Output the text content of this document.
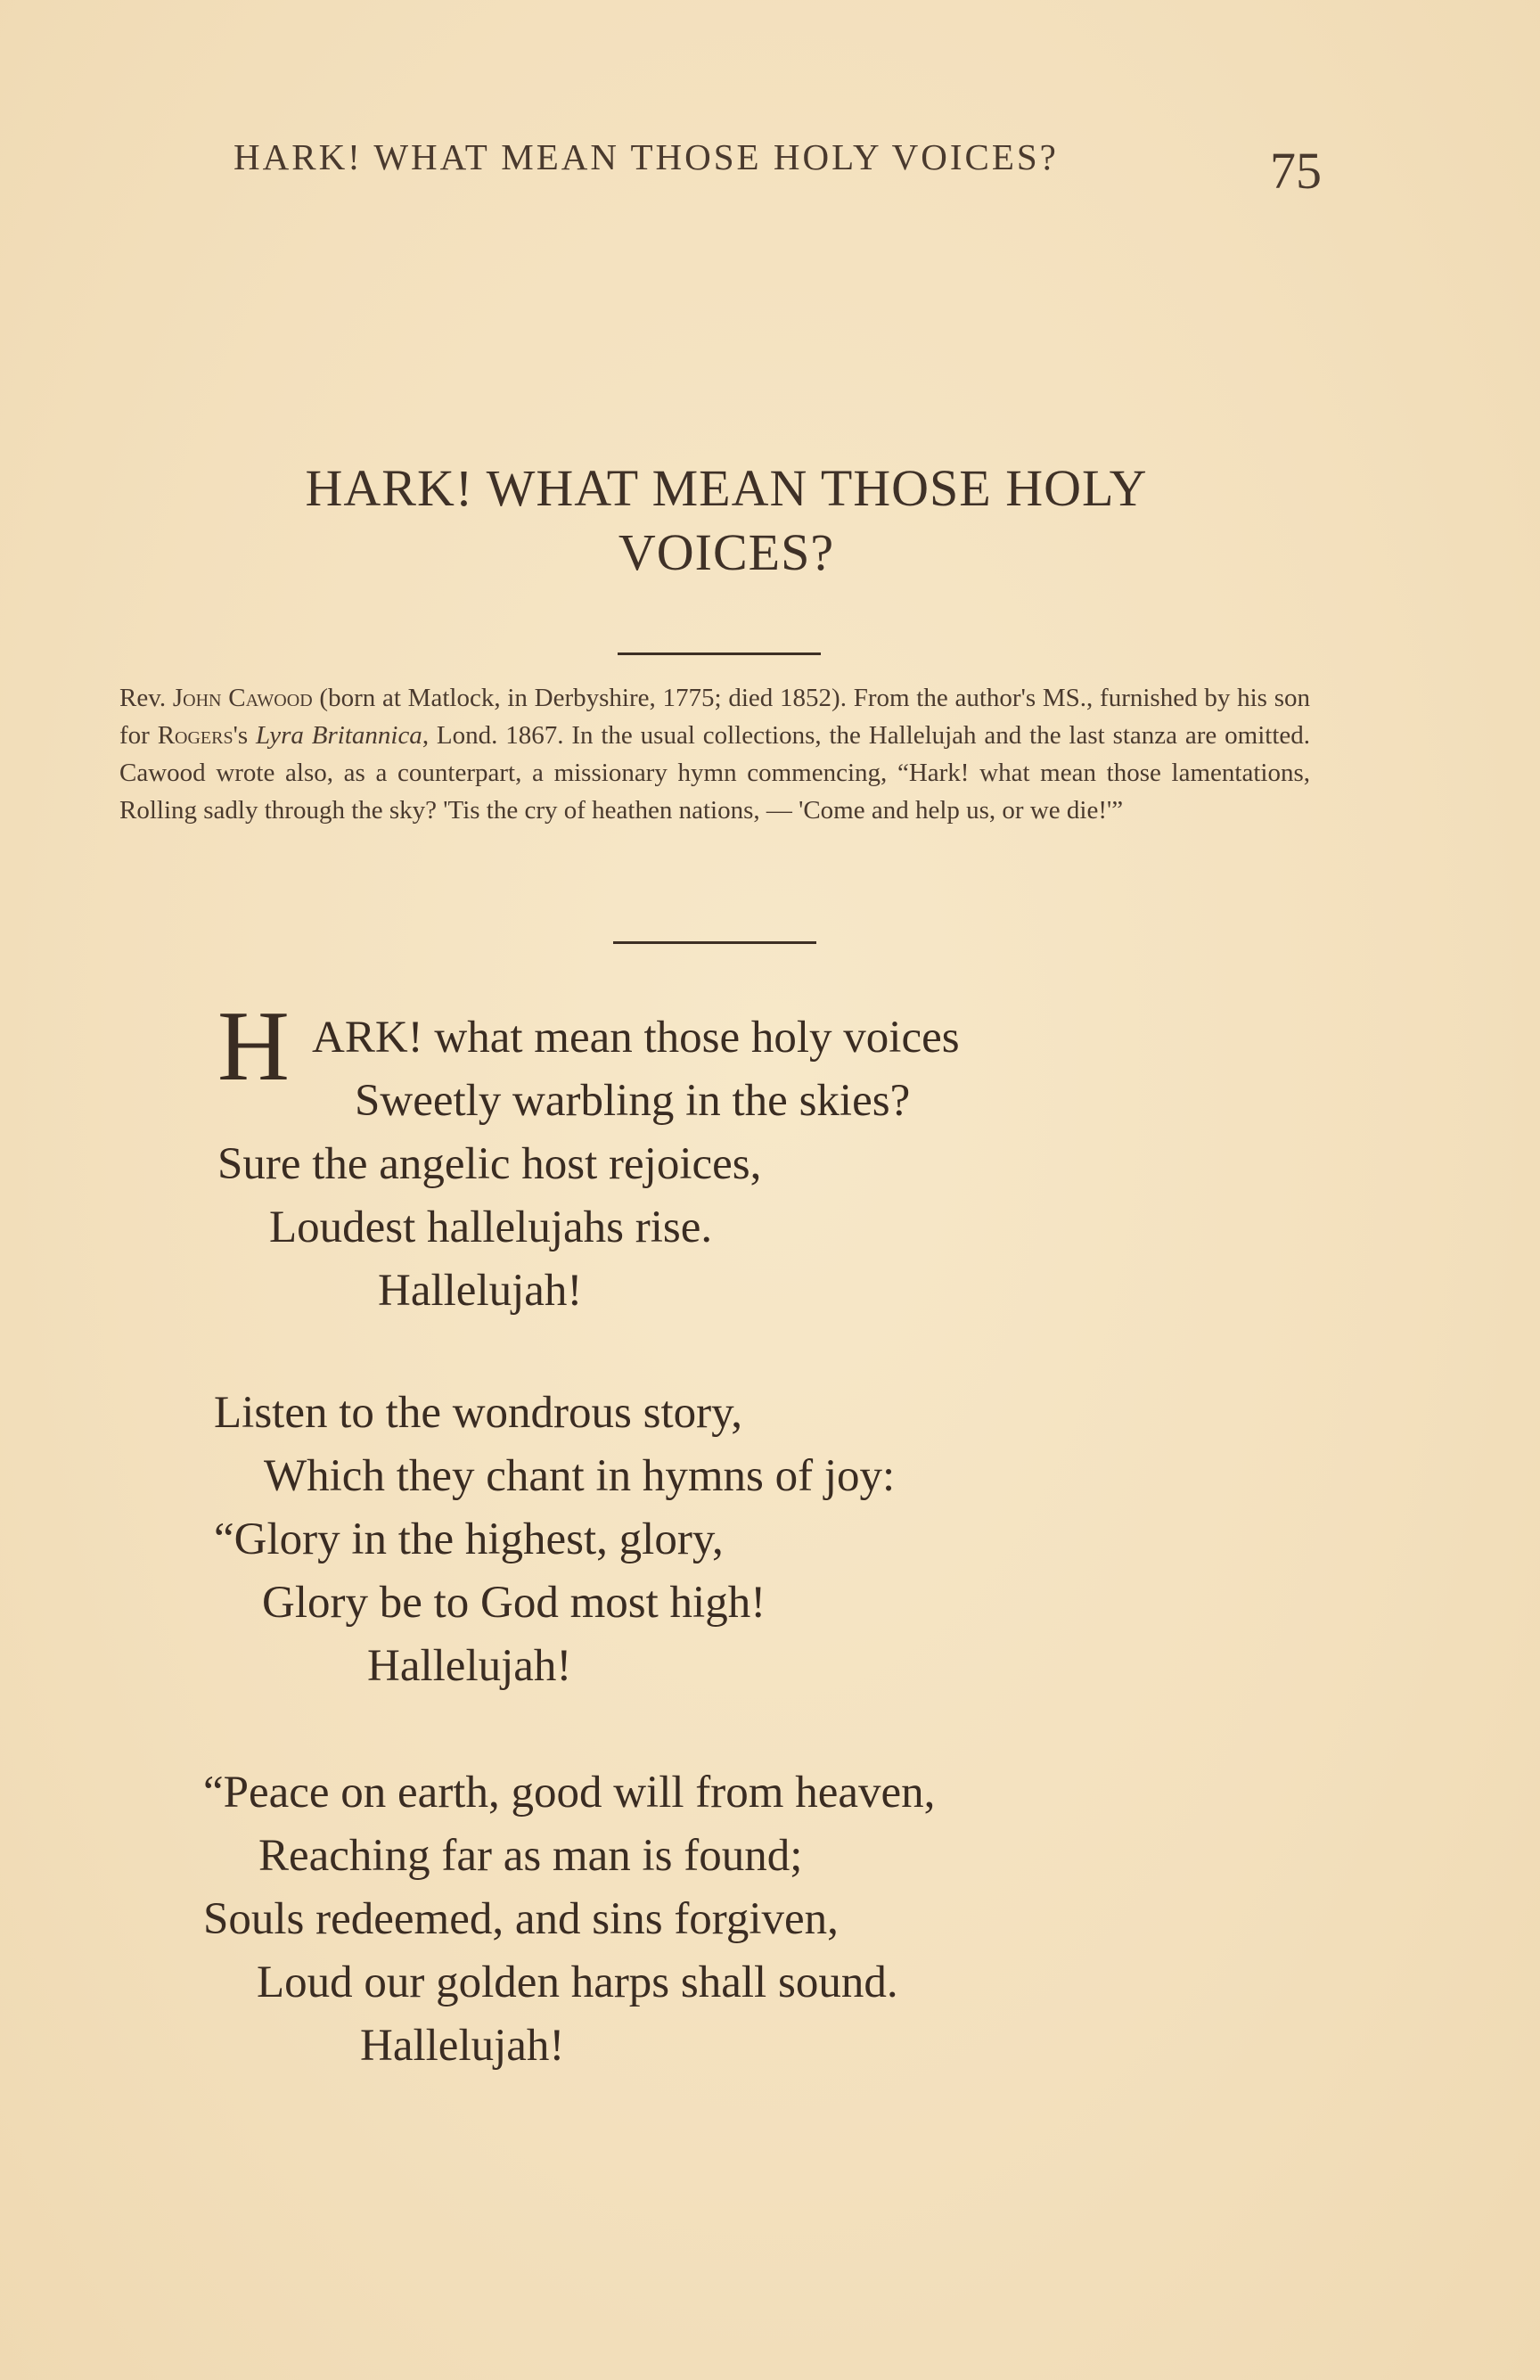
HARK! WHAT MEAN THOSE HOLY VOICES?	75
HARK! WHAT MEAN THOSE HOLY
VOICES?
Rev. John Cawood (born at Matlock, in Derbyshire, 1775; died 1852). From the author's MS., furnished by his son for Rogers's Lyra Britannica, Lond. 1867. In the usual collections, the Hallelujah and the last stanza are omitted. Cawood wrote also, as a counterpart, a missionary hymn commencing, “Hark! what mean those lamentations, Rolling sadly through the sky? 'Tis the cry of heathen nations, — 'Come and help us, or we die!'”
H ARK! what mean those holy voices
Sweetly warbling in the skies?
Sure the angelic host rejoices,
Loudest hallelujahs rise.
Hallelujah!
Listen to the wondrous story,
Which they chant in hymns of joy:
“Glory in the highest, glory,
Glory be to God most high!
Hallelujah!
“Peace on earth, good will from heaven,
Reaching far as man is found;
Souls redeemed, and sins forgiven,
Loud our golden harps shall sound.
Hallelujah!
